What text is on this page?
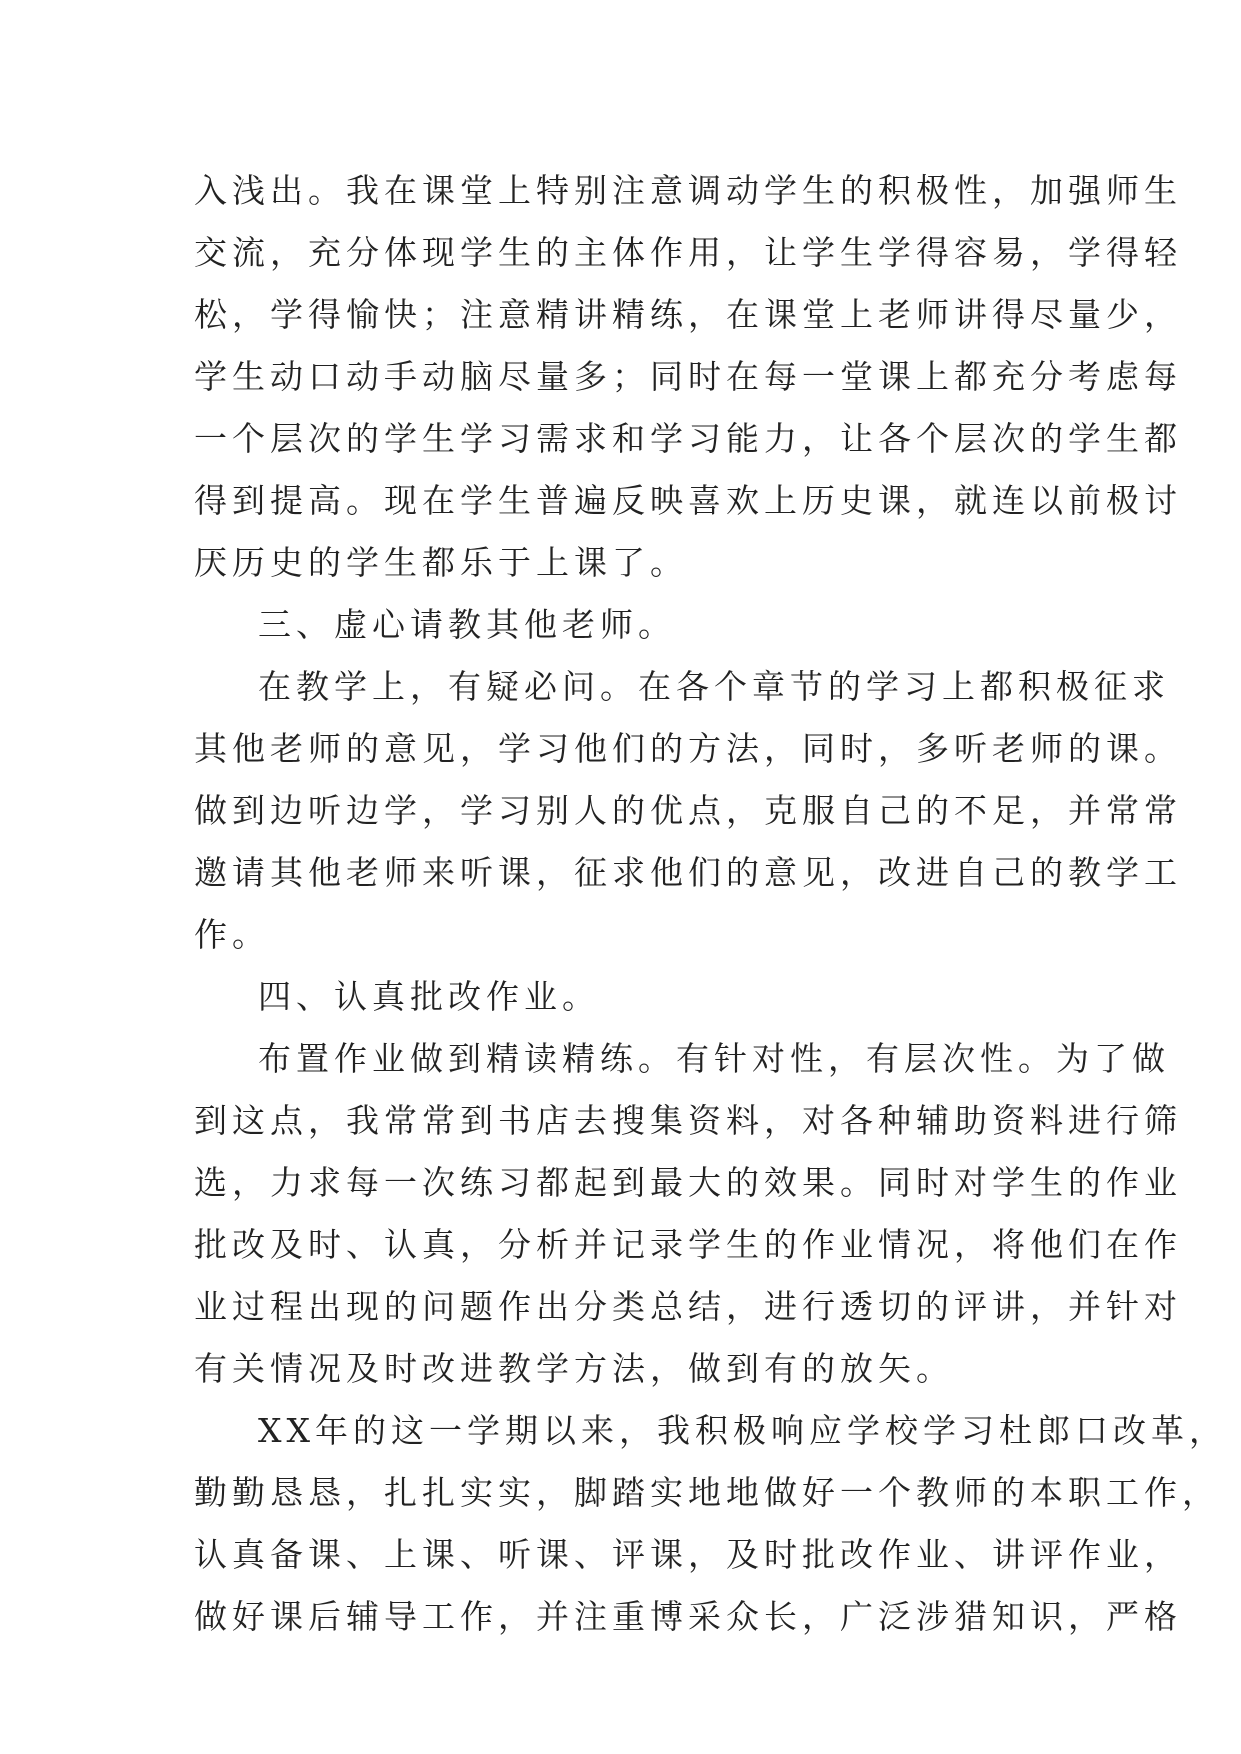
入浅出。我在课堂上特别注意调动学生的积极性，加强师生
交流，充分体现学生的主体作用，让学生学得容易，学得轻
松，学得愉快；注意精讲精练，在课堂上老师讲得尽量少，
学生动口动手动脑尽量多；同时在每一堂课上都充分考虑每
一个层次的学生学习需求和学习能力，让各个层次的学生都
得到提高。现在学生普遍反映喜欢上历史课，就连以前极讨
厌历史的学生都乐于上课了。
三、虚心请教其他老师。
在教学上，有疑必问。在各个章节的学习上都积极征求
其他老师的意见，学习他们的方法，同时，多听老师的课。
做到边听边学，学习别人的优点，克服自己的不足，并常常
邀请其他老师来听课，征求他们的意见，改进自己的教学工
作。
四、认真批改作业。
布置作业做到精读精练。有针对性，有层次性。为了做
到这点，我常常到书店去搜集资料，对各种辅助资料进行筛
选，力求每一次练习都起到最大的效果。同时对学生的作业
批改及时、认真，分析并记录学生的作业情况，将他们在作
业过程出现的问题作出分类总结，进行透切的评讲，并针对
有关情况及时改进教学方法，做到有的放矢。
XX年的这一学期以来，我积极响应学校学习杜郎口改革，
勤勤恳恳，扎扎实实，脚踏实地地做好一个教师的本职工作，
认真备课、上课、听课、评课，及时批改作业、讲评作业，
做好课后辅导工作，并注重博采众长，广泛涉猎知识，严格
